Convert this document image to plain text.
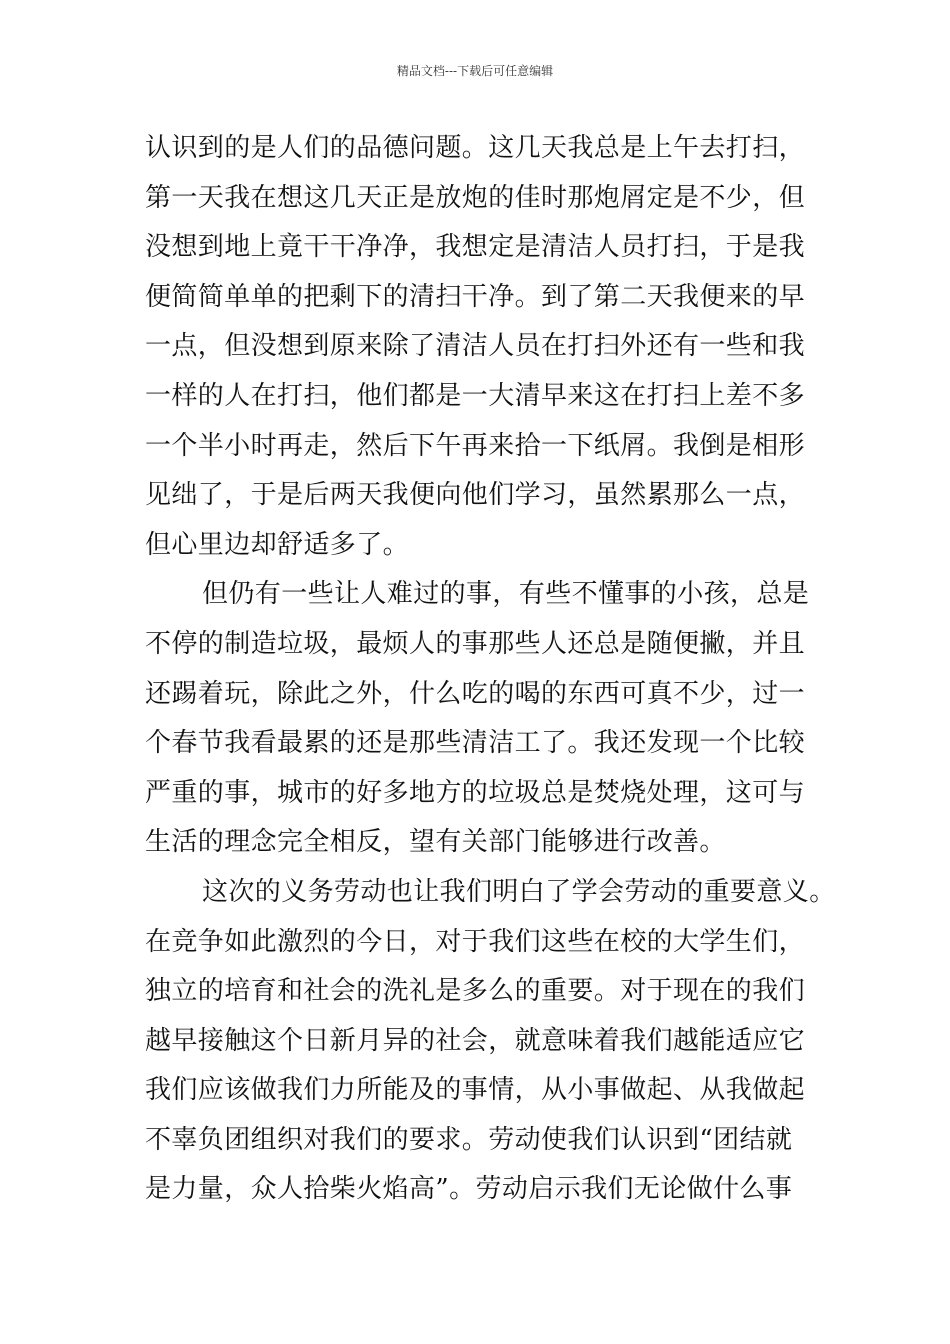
精品文档---下载后可任意编辑
认识到的是人们的品德问题。这几天我总是上午去打扫，
第一天我在想这几天正是放炮的佳时那炮屑定是不少，但
没想到地上竟干干净净，我想定是清洁人员打扫，于是我
便简简单单的把剩下的清扫干净。到了第二天我便来的早
一点，但没想到原来除了清洁人员在打扫外还有一些和我
一样的人在打扫，他们都是一大清早来这在打扫上差不多
一个半小时再走，然后下午再来拾一下纸屑。我倒是相形
见绌了，于是后两天我便向他们学习，虽然累那么一点，
但心里边却舒适多了。
但仍有一些让人难过的事，有些不懂事的小孩，总是
不停的制造垃圾，最烦人的事那些人还总是随便撇，并且
还踢着玩，除此之外，什么吃的喝的东西可真不少，过一
个春节我看最累的还是那些清洁工了。我还发现一个比较
严重的事，城市的好多地方的垃圾总是焚烧处理，这可与
生活的理念完全相反，望有关部门能够进行改善。
这次的义务劳动也让我们明白了学会劳动的重要意义。
在竞争如此激烈的今日，对于我们这些在校的大学生们，
独立的培育和社会的洗礼是多么的重要。对于现在的我们
越早接触这个日新月异的社会，就意味着我们越能适应它
我们应该做我们力所能及的事情，从小事做起、从我做起
不辜负团组织对我们的要求。劳动使我们认识到“团结就
是力量，众人拾柴火焰高”。劳动启示我们无论做什么事
